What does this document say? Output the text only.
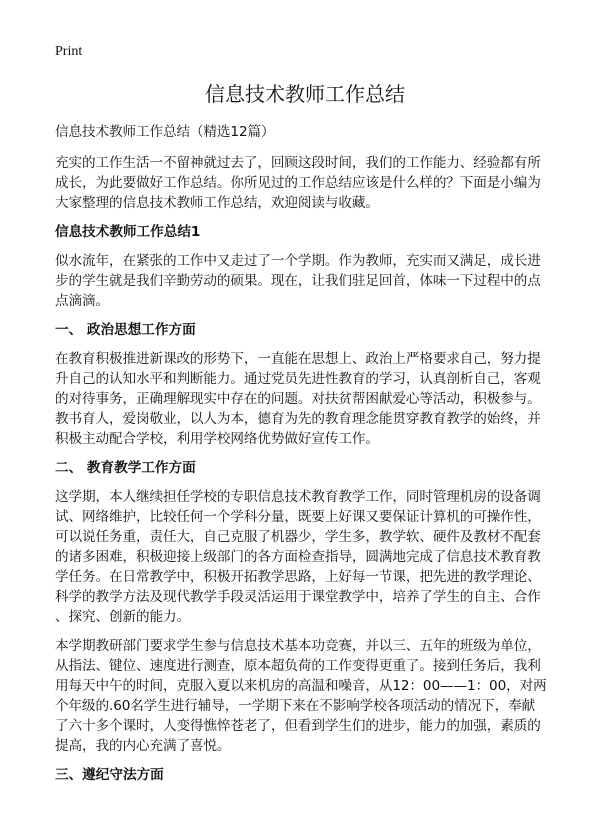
Print
信息技术教师工作总结

信息技术教师工作总结（精选12篇）

充实的工作生活一不留神就过去了，回顾这段时间，我们的工作能力、经验都有所
成长，为此要做好工作总结。你所见过的工作总结应该是什么样的？下面是小编为
大家整理的信息技术教师工作总结，欢迎阅读与收藏。

信息技术教师工作总结1

似水流年，在紧张的工作中又走过了一个学期。作为教师，充实而又满足，成长进
步的学生就是我们辛勤劳动的硕果。现在，让我们驻足回首，体味一下过程中的点
点滴滴。

一、 政治思想工作方面

在教育积极推进新课改的形势下，一直能在思想上、政治上严格要求自己，努力提
升自己的认知水平和判断能力。通过党员先进性教育的学习，认真剖析自己，客观
的对待事务，正确理解现实中存在的问题。对扶贫帮困献爱心等活动，积极参与。
教书育人，爱岗敬业，以人为本，德育为先的教育理念能贯穿教育教学的始终，并
积极主动配合学校，利用学校网络优势做好宣传工作。

二、 教育教学工作方面

这学期，本人继续担任学校的专职信息技术教育教学工作，同时管理机房的设备调
试、网络维护，比较任何一个学科分量，既要上好课又要保证计算机的可操作性，
可以说任务重，责任大，自己克服了机器少，学生多，教学软、硬件及教材不配套
的诸多困难，积极迎接上级部门的各方面检查指导，圆满地完成了信息技术教育教
学任务。在日常教学中，积极开拓教学思路，上好每一节课，把先进的教学理论、
科学的教学方法及现代教学手段灵活运用于课堂教学中，培养了学生的自主、合作
、探究、创新的能力。

本学期教研部门要求学生参与信息技术基本功竞赛，并以三、五年的班级为单位，
从指法、键位、速度进行测查，原本超负荷的工作变得更重了。接到任务后，我利
用每天中午的时间，克服入夏以来机房的高温和噪音，从12：00——1：00，对两
个年级的.60名学生进行辅导，一学期下来在不影响学校各项活动的情况下，奉献
了六十多个课时，人变得憔悴苍老了，但看到学生们的进步，能力的加强，素质的
提高，我的内心充满了喜悦。

三、遵纪守法方面
